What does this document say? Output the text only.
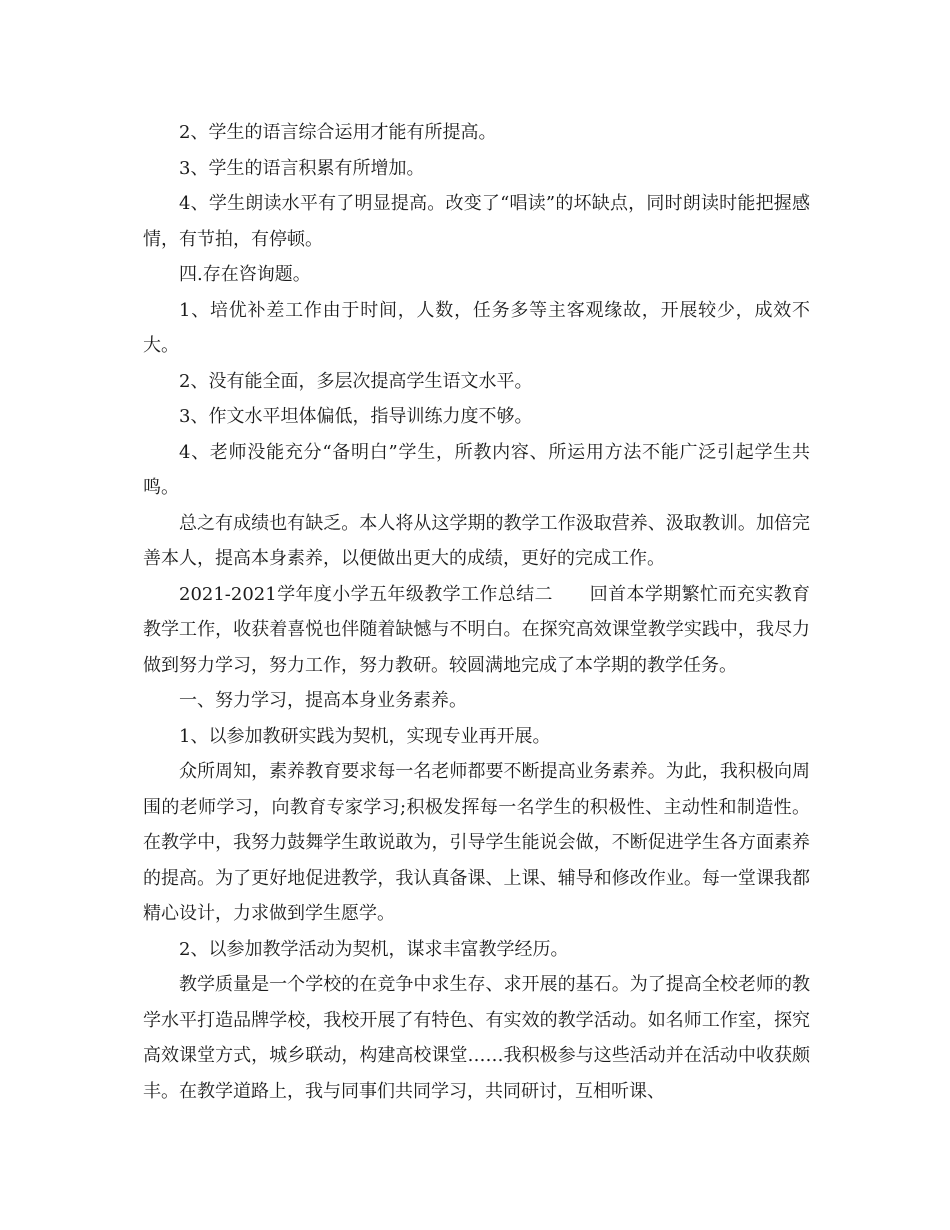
2、学生的语言综合运用才能有所提高。

3、学生的语言积累有所增加。

4、学生朗读水平有了明显提高。改变了“唱读”的坏缺点，同时朗读时能把握感情，有节拍，有停顿。

四.存在咨询题。

1、培优补差工作由于时间，人数，任务多等主客观缘故，开展较少，成效不大。

2、没有能全面，多层次提高学生语文水平。

3、作文水平坦体偏低，指导训练力度不够。

4、老师没能充分“备明白”学生，所教内容、所运用方法不能广泛引起学生共鸣。

总之有成绩也有缺乏。本人将从这学期的教学工作汲取营养、汲取教训。加倍完善本人，提高本身素养，以便做出更大的成绩，更好的完成工作。

2021-2021学年度小学五年级教学工作总结二　　回首本学期繁忙而充实教育教学工作，收获着喜悦也伴随着缺憾与不明白。在探究高效课堂教学实践中，我尽力做到努力学习，努力工作，努力教研。较圆满地完成了本学期的教学任务。

一、努力学习，提高本身业务素养。

1、以参加教研实践为契机，实现专业再开展。

众所周知，素养教育要求每一名老师都要不断提高业务素养。为此，我积极向周围的老师学习，向教育专家学习;积极发挥每一名学生的积极性、主动性和制造性。在教学中，我努力鼓舞学生敢说敢为，引导学生能说会做，不断促进学生各方面素养的提高。为了更好地促进教学，我认真备课、上课、辅导和修改作业。每一堂课我都精心设计，力求做到学生愿学。

2、以参加教学活动为契机，谋求丰富教学经历。

教学质量是一个学校的在竞争中求生存、求开展的基石。为了提高全校老师的教学水平打造品牌学校，我校开展了有特色、有实效的教学活动。如名师工作室，探究高效课堂方式，城乡联动，构建高校课堂……我积极参与这些活动并在活动中收获颇丰。在教学道路上，我与同事们共同学习，共同研讨，互相听课、
